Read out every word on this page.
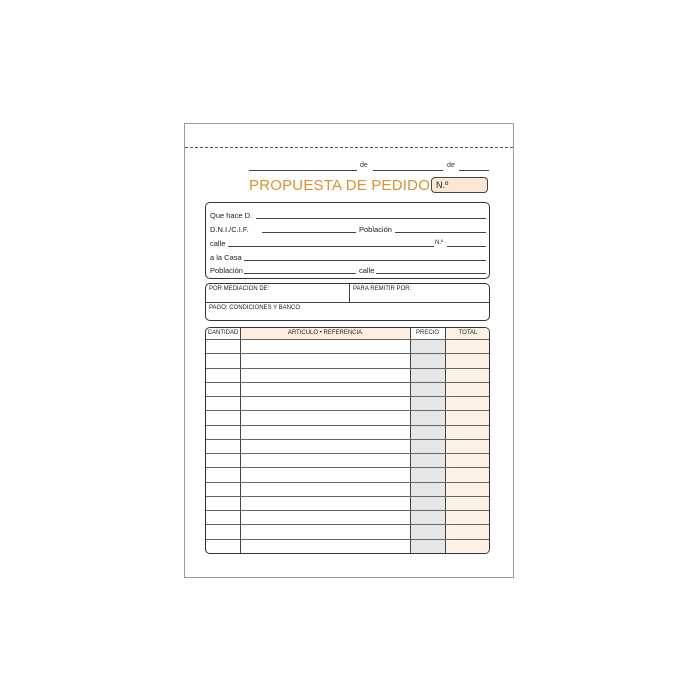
de	de
PROPUESTA DE PEDIDO N.º
Que hace D.
D.N.I./C.I.F.	Población
calle	N.º
a la Casa
Población	calle
POR MEDIACION DE:	PARA REMITIR POR:
PAGO: CONDICIONES Y BANCO
CANTIDAD	ARTICULO • REFERENCIA	PRECIO	TOTAL
